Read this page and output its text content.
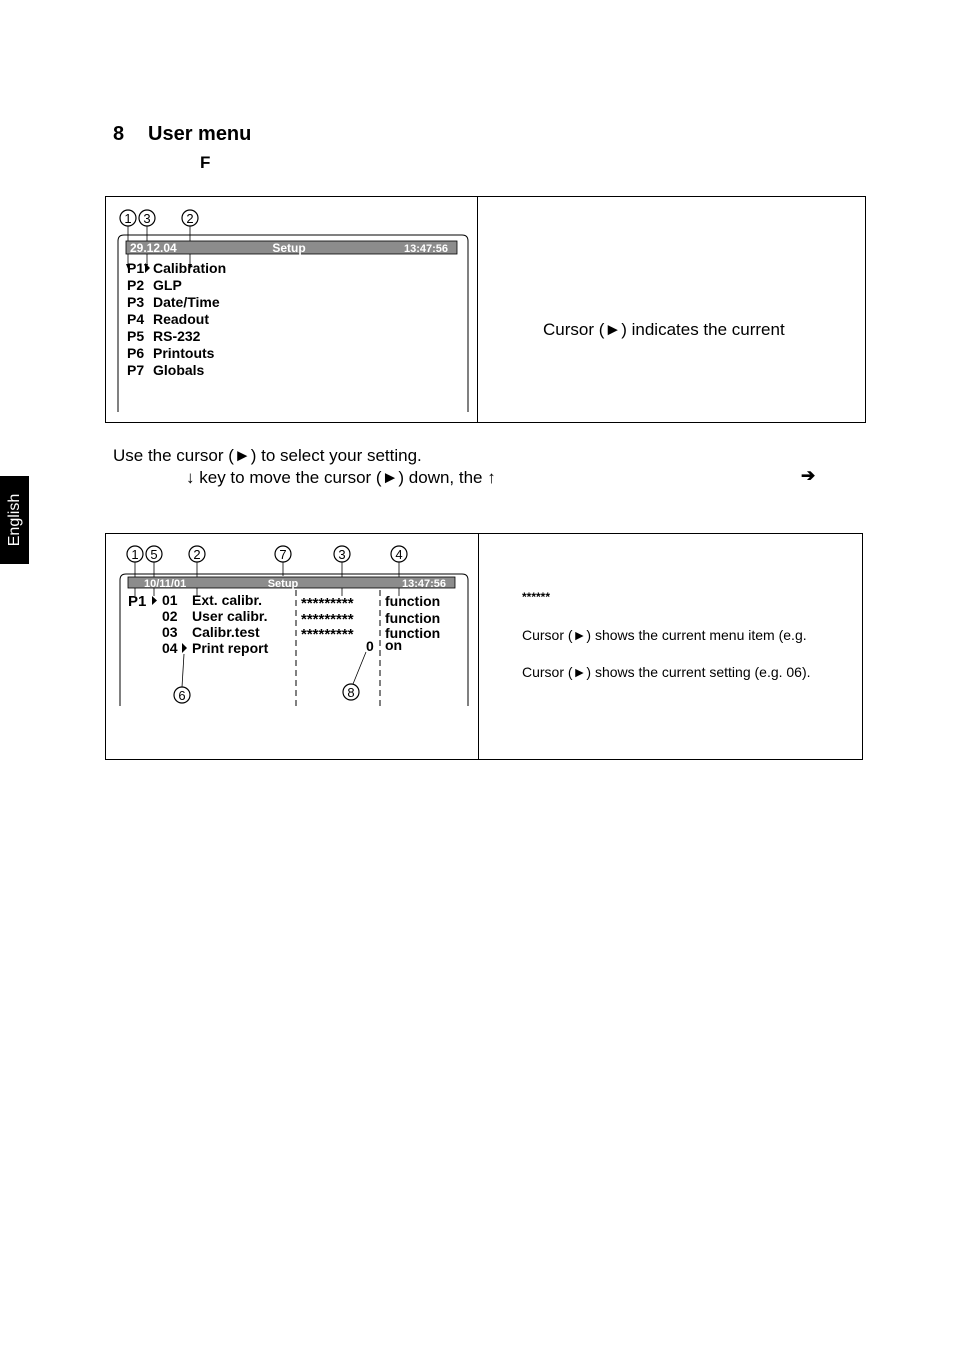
8 User menu
F
English
1 3	2
29.12.04	Setup	13:47:56
P1 Calibration
P2 GLP
P3 Date/Time
P4 Readout
P5 RS-232
P6 Printouts
P7 Globals
Cursor (►) indicates the current
Use the cursor (►) to select your setting.
↓ key to move the cursor (►) down, the ↑	➔
1 5	2	7	3	4
6	8
10/11/01	Setup	13:47:56
P1 01 Ext. calibr.	********* function
02 User calibr. ********* function
03 Calibr.test	********* function
04 Print report	0 on
******
Cursor (►) shows the current menu item (e.g.
Cursor (►) shows the current setting (e.g. 06).
